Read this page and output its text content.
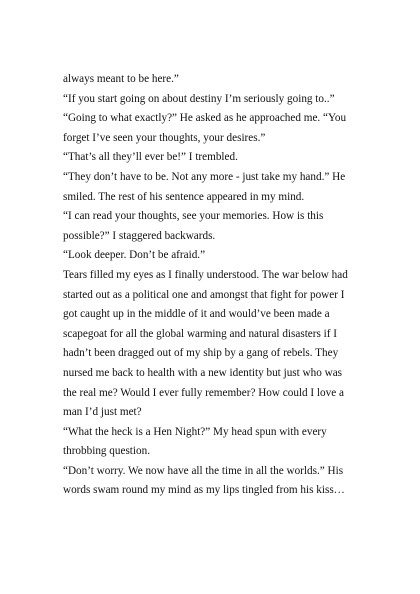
always meant to be here.”

“If you start going on about destiny I’m seriously going to..”

“Going to what exactly?” He asked as he approached me. “You

forget I’ve seen your thoughts, your desires.”

“That’s all they’ll ever be!” I trembled.

“They don’t have to be. Not any more - just take my hand.” He

smiled. The rest of his sentence appeared in my mind.

“I can read your thoughts, see your memories. How is this

possible?” I staggered backwards.

“Look deeper. Don’t be afraid.”

Tears filled my eyes as I finally understood. The war below had

started out as a political one and amongst that fight for power I

got caught up in the middle of it and would’ve been made a

scapegoat for all the global warming and natural disasters if I

hadn’t been dragged out of my ship by a gang of rebels. They

nursed me back to health with a new identity but just who was

the real me? Would I ever fully remember? How could I love a

man I’d just met?

“What the heck is a Hen Night?” My head spun with every

throbbing question.

“Don’t worry. We now have all the time in all the worlds.” His

words swam round my mind as my lips tingled from his kiss…
